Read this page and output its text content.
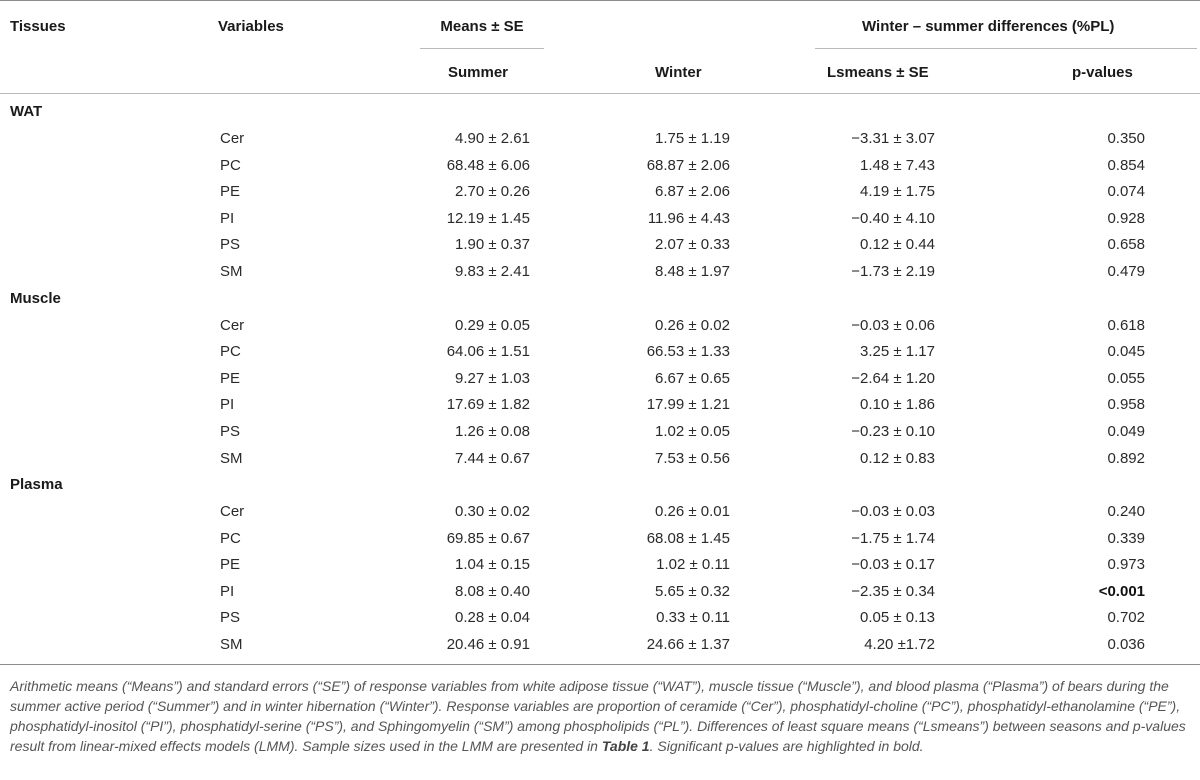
Tissues	Variables	Means ± SE	Winter – summer differences (%PL)
Summer	Winter	Lsmeans ± SE	p-values
WAT
Cer	4.90 ± 2.61	1.75 ± 1.19	−3.31 ± 3.07	0.350
PC	68.48 ± 6.06	68.87 ± 2.06	1.48 ± 7.43	0.854
PE	2.70 ± 0.26	6.87 ± 2.06	4.19 ± 1.75	0.074
PI	12.19 ± 1.45	11.96 ± 4.43	−0.40 ± 4.10	0.928
PS	1.90 ± 0.37	2.07 ± 0.33	0.12 ± 0.44	0.658
SM	9.83 ± 2.41	8.48 ± 1.97	−1.73 ± 2.19	0.479
Muscle
Cer	0.29 ± 0.05	0.26 ± 0.02	−0.03 ± 0.06	0.618
PC	64.06 ± 1.51	66.53 ± 1.33	3.25 ± 1.17	0.045
PE	9.27 ± 1.03	6.67 ± 0.65	−2.64 ± 1.20	0.055
PI	17.69 ± 1.82	17.99 ± 1.21	0.10 ± 1.86	0.958
PS	1.26 ± 0.08	1.02 ± 0.05	−0.23 ± 0.10	0.049
SM	7.44 ± 0.67	7.53 ± 0.56	0.12 ± 0.83	0.892
Plasma
Cer	0.30 ± 0.02	0.26 ± 0.01	−0.03 ± 0.03	0.240
PC	69.85 ± 0.67	68.08 ± 1.45	−1.75 ± 1.74	0.339
PE	1.04 ± 0.15	1.02 ± 0.11	−0.03 ± 0.17	0.973
PI	8.08 ± 0.40	5.65 ± 0.32	−2.35 ± 0.34	<0.001
PS	0.28 ± 0.04	0.33 ± 0.11	0.05 ± 0.13	0.702
SM	20.46 ± 0.91	24.66 ± 1.37	4.20 ±1.72	0.036
Arithmetic means (“Means”) and standard errors (“SE”) of response variables from white adipose tissue (“WAT”), muscle tissue (“Muscle”), and blood plasma (“Plasma”) of bears during the summer active period (“Summer”) and in winter hibernation (“Winter”). Response variables are proportion of ceramide (“Cer”), phosphatidyl-choline (“PC”), phosphatidyl-ethanolamine (“PE”), phosphatidyl-inositol (“PI”), phosphatidyl-serine (“PS”), and Sphingomyelin (“SM”) among phospholipids (“PL”). Differences of least square means (“Lsmeans”) between seasons and p-values result from linear-mixed effects models (LMM). Sample sizes used in the LMM are presented in Table 1. Significant p-values are highlighted in bold.
